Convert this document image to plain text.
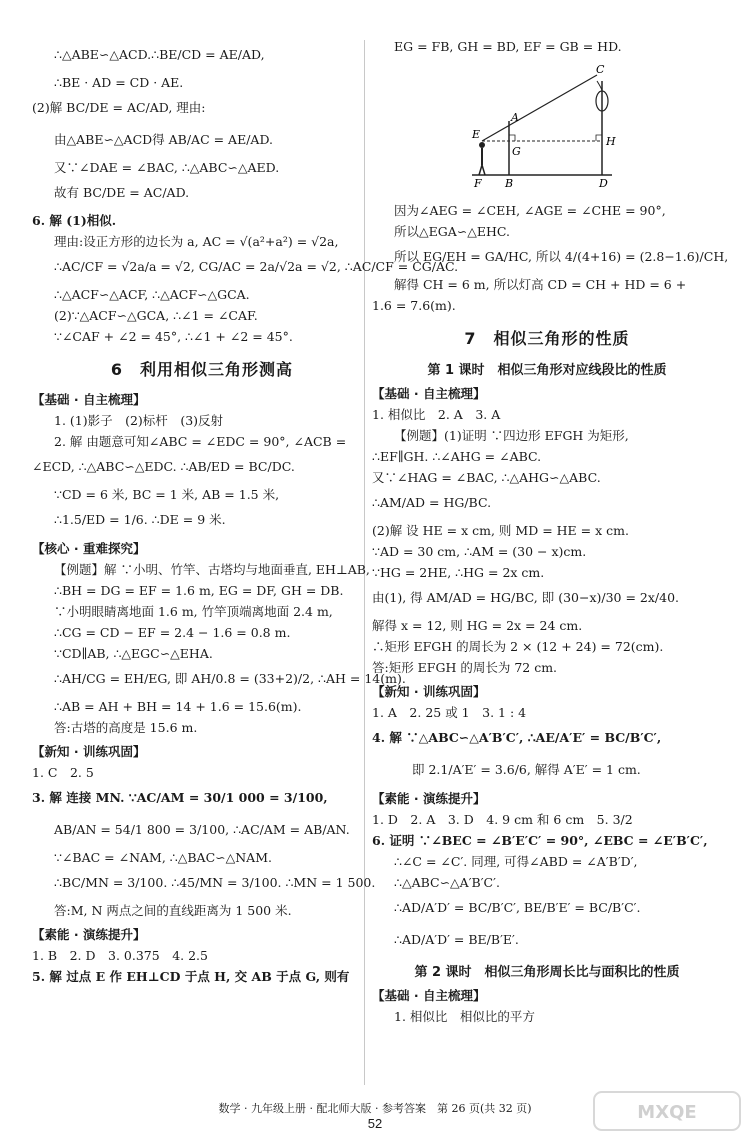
∴△ABE∽△ACD.∴BE/CD = AE/AD,
∴BE · AD = CD · AE.
(2)解 BC/DE = AC/AD, 理由:
由△ABE∽△ACD得 AB/AC = AE/AD.
又∵∠DAE = ∠BAC, ∴△ABC∽△AED.
故有 BC/DE = AC/AD.
6. 解 (1)相似.
理由:设正方形的边长为 a, AC = √(a²+a²) = √2a,
∴AC/CF = √2a/a = √2, CG/AC = 2a/√2a = √2, ∴AC/CF = CG/AC.
∴△ACF∽△ACF, ∴△ACF∽△GCA.
(2)∵△ACF∽△GCA, ∴∠1 = ∠CAF.
∵∠CAF + ∠2 = 45°, ∴∠1 + ∠2 = 45°.
6　利用相似三角形测高
【基础 · 自主梳理】
1. (1)影子　(2)标杆　(3)反射
2. 解 由题意可知∠ABC = ∠EDC = 90°, ∠ACB =
∠ECD, ∴△ABC∽△EDC. ∴AB/ED = BC/DC.
∵CD = 6 米, BC = 1 米, AB = 1.5 米,
∴1.5/ED = 1/6. ∴DE = 9 米.
【核心 · 重难探究】
【例题】解 ∵小明、竹竿、古塔均与地面垂直, EH⊥AB,
∴BH = DG = EF = 1.6 m, EG = DF, GH = DB.
∵小明眼睛离地面 1.6 m, 竹竿顶端离地面 2.4 m,
∴CG = CD − EF = 2.4 − 1.6 = 0.8 m.
∵CD∥AB, ∴△EGC∽△EHA.
∴AH/CG = EH/EG, 即 AH/0.8 = (33+2)/2, ∴AH = 14(m).
∴AB = AH + BH = 14 + 1.6 = 15.6(m).
答:古塔的高度是 15.6 m.
【新知 · 训练巩固】
1. C　2. 5
3. 解 连接 MN. ∵AC/AM = 30/1 000 = 3/100,
AB/AN = 54/1 800 = 3/100, ∴AC/AM = AB/AN.
∵∠BAC = ∠NAM, ∴△BAC∽△NAM.
∴BC/MN = 3/100. ∴45/MN = 3/100. ∴MN = 1 500.
答:M, N 两点之间的直线距离为 1 500 米.
【素能 · 演练提升】
1. B　2. D　3. 0.375　4. 2.5
5. 解 过点 E 作 EH⊥CD 于点 H, 交 AB 于点 G, 则有
EG = FB, GH = BD, EF = GB = HD.
C
A
E
G
H
F B	D
因为∠AEG = ∠CEH, ∠AGE = ∠CHE = 90°,
所以△EGA∽△EHC.
所以 EG/EH = GA/HC, 所以 4/(4+16) = (2.8−1.6)/CH,
解得 CH = 6 m, 所以灯高 CD = CH + HD = 6 +
1.6 = 7.6(m).
7　相似三角形的性质
第 1 课时　相似三角形对应线段比的性质
【基础 · 自主梳理】
1. 相似比　2. A　3. A
【例题】(1)证明 ∵四边形 EFGH 为矩形,
∴EF∥GH. ∴∠AHG = ∠ABC.
又∵∠HAG = ∠BAC, ∴△AHG∽△ABC.
∴AM/AD = HG/BC.
(2)解 设 HE = x cm, 则 MD = HE = x cm.
∵AD = 30 cm, ∴AM = (30 − x)cm.
∵HG = 2HE, ∴HG = 2x cm.
由(1), 得 AM/AD = HG/BC, 即 (30−x)/30 = 2x/40.
解得 x = 12, 则 HG = 2x = 24 cm.
∴矩形 EFGH 的周长为 2 × (12 + 24) = 72(cm).
答:矩形 EFGH 的周长为 72 cm.
【新知 · 训练巩固】
1. A　2. 25 或 1　3. 1 : 4
4. 解 ∵△ABC∽△A′B′C′, ∴AE/A′E′ = BC/B′C′,
即 2.1/A′E′ = 3.6/6, 解得 A′E′ = 1 cm.
【素能 · 演练提升】
1. D　2. A　3. D　4. 9 cm 和 6 cm　5. 3/2
6. 证明 ∵∠BEC = ∠B′E′C′ = 90°, ∠EBC = ∠E′B′C′,
∴∠C = ∠C′. 同理, 可得∠ABD = ∠A′B′D′,
∴△ABC∽△A′B′C′.
∴AD/A′D′ = BC/B′C′, BE/B′E′ = BC/B′C′.
∴AD/A′D′ = BE/B′E′.
第 2 课时　相似三角形周长比与面积比的性质
【基础 · 自主梳理】
1. 相似比　相似比的平方
数学 · 九年级上册 · 配北师大版 · 参考答案　第 26 页(共 32 页)
52
MXQE
